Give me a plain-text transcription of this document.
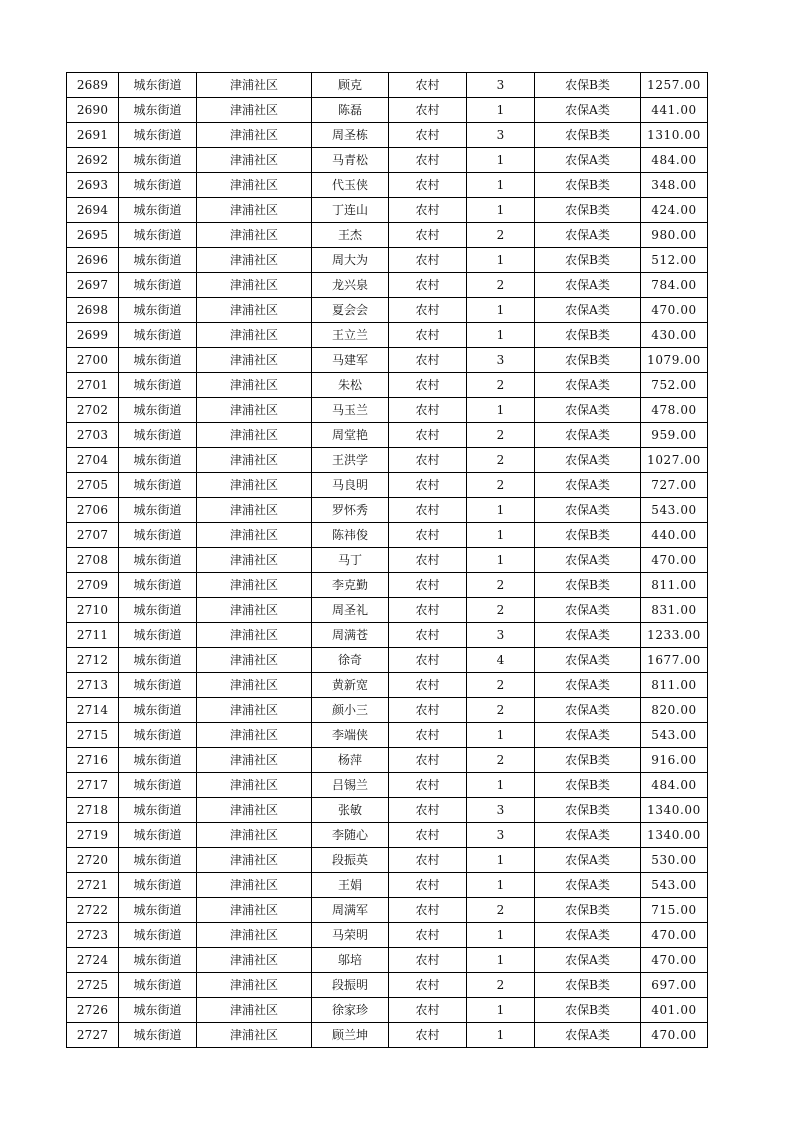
2689	城东街道	津浦社区	顾克	农村	3	农保B类	1257.00
2690	城东街道	津浦社区	陈磊	农村	1	农保A类	441.00
2691	城东街道	津浦社区	周圣栋	农村	3	农保B类	1310.00
2692	城东街道	津浦社区	马青松	农村	1	农保A类	484.00
2693	城东街道	津浦社区	代玉侠	农村	1	农保B类	348.00
2694	城东街道	津浦社区	丁连山	农村	1	农保B类	424.00
2695	城东街道	津浦社区	王杰	农村	2	农保A类	980.00
2696	城东街道	津浦社区	周大为	农村	1	农保B类	512.00
2697	城东街道	津浦社区	龙兴泉	农村	2	农保A类	784.00
2698	城东街道	津浦社区	夏会会	农村	1	农保A类	470.00
2699	城东街道	津浦社区	王立兰	农村	1	农保B类	430.00
2700	城东街道	津浦社区	马建军	农村	3	农保B类	1079.00
2701	城东街道	津浦社区	朱松	农村	2	农保A类	752.00
2702	城东街道	津浦社区	马玉兰	农村	1	农保A类	478.00
2703	城东街道	津浦社区	周堂艳	农村	2	农保A类	959.00
2704	城东街道	津浦社区	王洪学	农村	2	农保A类	1027.00
2705	城东街道	津浦社区	马良明	农村	2	农保A类	727.00
2706	城东街道	津浦社区	罗怀秀	农村	1	农保A类	543.00
2707	城东街道	津浦社区	陈祎俊	农村	1	农保B类	440.00
2708	城东街道	津浦社区	马丁	农村	1	农保A类	470.00
2709	城东街道	津浦社区	李克勤	农村	2	农保B类	811.00
2710	城东街道	津浦社区	周圣礼	农村	2	农保A类	831.00
2711	城东街道	津浦社区	周满苍	农村	3	农保A类	1233.00
2712	城东街道	津浦社区	徐奇	农村	4	农保A类	1677.00
2713	城东街道	津浦社区	黄新宽	农村	2	农保A类	811.00
2714	城东街道	津浦社区	颜小三	农村	2	农保A类	820.00
2715	城东街道	津浦社区	李端侠	农村	1	农保A类	543.00
2716	城东街道	津浦社区	杨萍	农村	2	农保B类	916.00
2717	城东街道	津浦社区	吕锡兰	农村	1	农保B类	484.00
2718	城东街道	津浦社区	张敏	农村	3	农保B类	1340.00
2719	城东街道	津浦社区	李随心	农村	3	农保A类	1340.00
2720	城东街道	津浦社区	段振英	农村	1	农保A类	530.00
2721	城东街道	津浦社区	王娟	农村	1	农保A类	543.00
2722	城东街道	津浦社区	周满军	农村	2	农保B类	715.00
2723	城东街道	津浦社区	马荣明	农村	1	农保A类	470.00
2724	城东街道	津浦社区	邬培	农村	1	农保A类	470.00
2725	城东街道	津浦社区	段振明	农村	2	农保B类	697.00
2726	城东街道	津浦社区	徐家珍	农村	1	农保B类	401.00
2727	城东街道	津浦社区	顾兰坤	农村	1	农保A类	470.00
